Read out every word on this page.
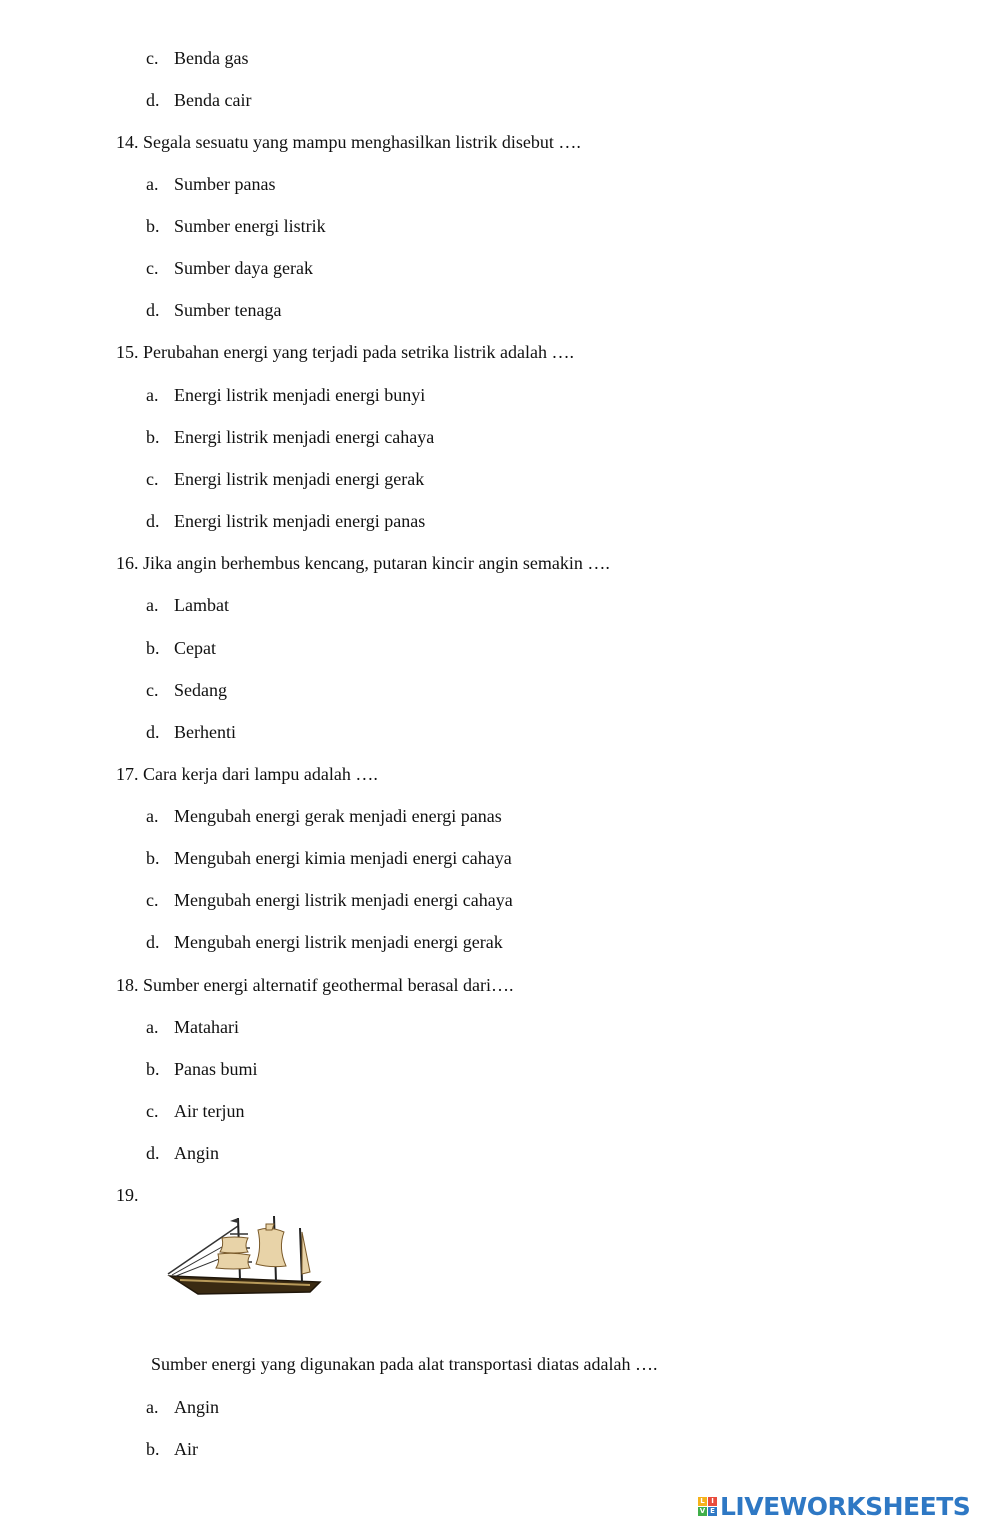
c. Benda gas
d. Benda cair
14. Segala sesuatu yang mampu menghasilkan listrik disebut ….
a. Sumber panas
b. Sumber energi listrik
c. Sumber daya gerak
d. Sumber tenaga
15. Perubahan energi yang terjadi pada setrika listrik adalah ….
a. Energi listrik menjadi energi bunyi
b. Energi listrik menjadi energi cahaya
c. Energi listrik menjadi energi gerak
d. Energi listrik menjadi energi panas
16. Jika angin berhembus kencang, putaran kincir angin semakin ….
a. Lambat
b. Cepat
c. Sedang
d. Berhenti
17. Cara kerja dari lampu adalah ….
a. Mengubah energi gerak menjadi energi panas
b. Mengubah energi kimia menjadi energi cahaya
c. Mengubah energi listrik menjadi energi cahaya
d. Mengubah energi listrik menjadi energi gerak
18. Sumber energi alternatif geothermal berasal dari….
a. Matahari
b. Panas bumi
c. Air terjun
d. Angin
19.
Sumber energi yang digunakan pada alat transportasi diatas adalah ….
a. Angin
b. Air
L I
V E LIVEWORKSHEETS
